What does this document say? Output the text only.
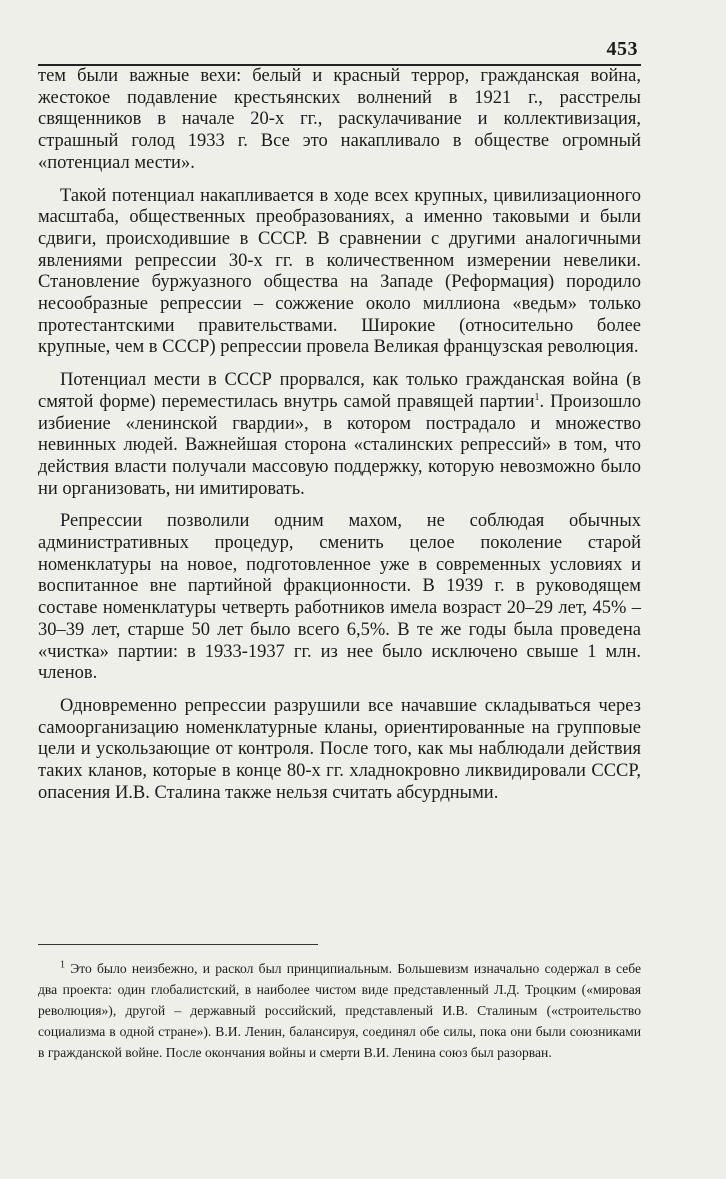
453

тем были важные вехи: белый и красный террор, гражданская война, жестокое подавление крестьянских волнений в 1921 г., расстрелы священников в начале 20-х гг., раскулачивание и коллективизация, страшный голод 1933 г. Все это накапливало в обществе огромный «потенциал мести».

Такой потенциал накапливается в ходе всех крупных, цивилизационного масштаба, общественных преобразованиях, а именно таковыми и были сдвиги, происходившие в СССР. В сравнении с другими аналогичными явлениями репрессии 30-х гг. в количественном измерении невелики. Становление буржуазного общества на Западе (Реформация) породило несообразные репрессии – сожжение около миллиона «ведьм» только протестантскими правительствами. Широкие (относительно более крупные, чем в СССР) репрессии провела Великая французская революция.

Потенциал мести в СССР прорвался, как только гражданская война (в смятой форме) переместилась внутрь самой правящей партии$^1$. Произошло избиение «ленинской гвардии», в котором пострадало и множество невинных людей. Важнейшая сторона «сталинских репрессий» в том, что действия власти получали массовую поддержку, которую невозможно было ни организовать, ни имитировать.

Репрессии позволили одним махом, не соблюдая обычных административных процедур, сменить целое поколение старой номенклатуры на новое, подготовленное уже в современных условиях и воспитанное вне партийной фракционности. В 1939 г. в руководящем составе номенклатуры четверть работников имела возраст 20–29 лет, 45% – 30–39 лет, старше 50 лет было всего 6,5%. В те же годы была проведена «чистка» партии: в 1933-1937 гг. из нее было исключено свыше 1 млн. членов.

Одновременно репрессии разрушили все начавшие складываться через самоорганизацию номенклатурные кланы, ориентированные на групповые цели и ускользающие от контроля. После того, как мы наблюдали действия таких кланов, которые в конце 80-х гг. хладнокровно ликвидировали СССР, опасения И.В. Сталина также нельзя считать абсурдными.

$^1$ Это было неизбежно, и раскол был принципиальным. Большевизм изначально содержал в себе два проекта: один глобалистский, в наиболее чистом виде представленный Л.Д. Троцким («мировая революция»), другой – державный российский, представленый И.В. Сталиным («строительство социализма в одной стране»). В.И. Ленин, балансируя, соединял обе силы, пока они были союзниками в гражданской войне. После окончания войны и смерти В.И. Ленина союз был разорван.
